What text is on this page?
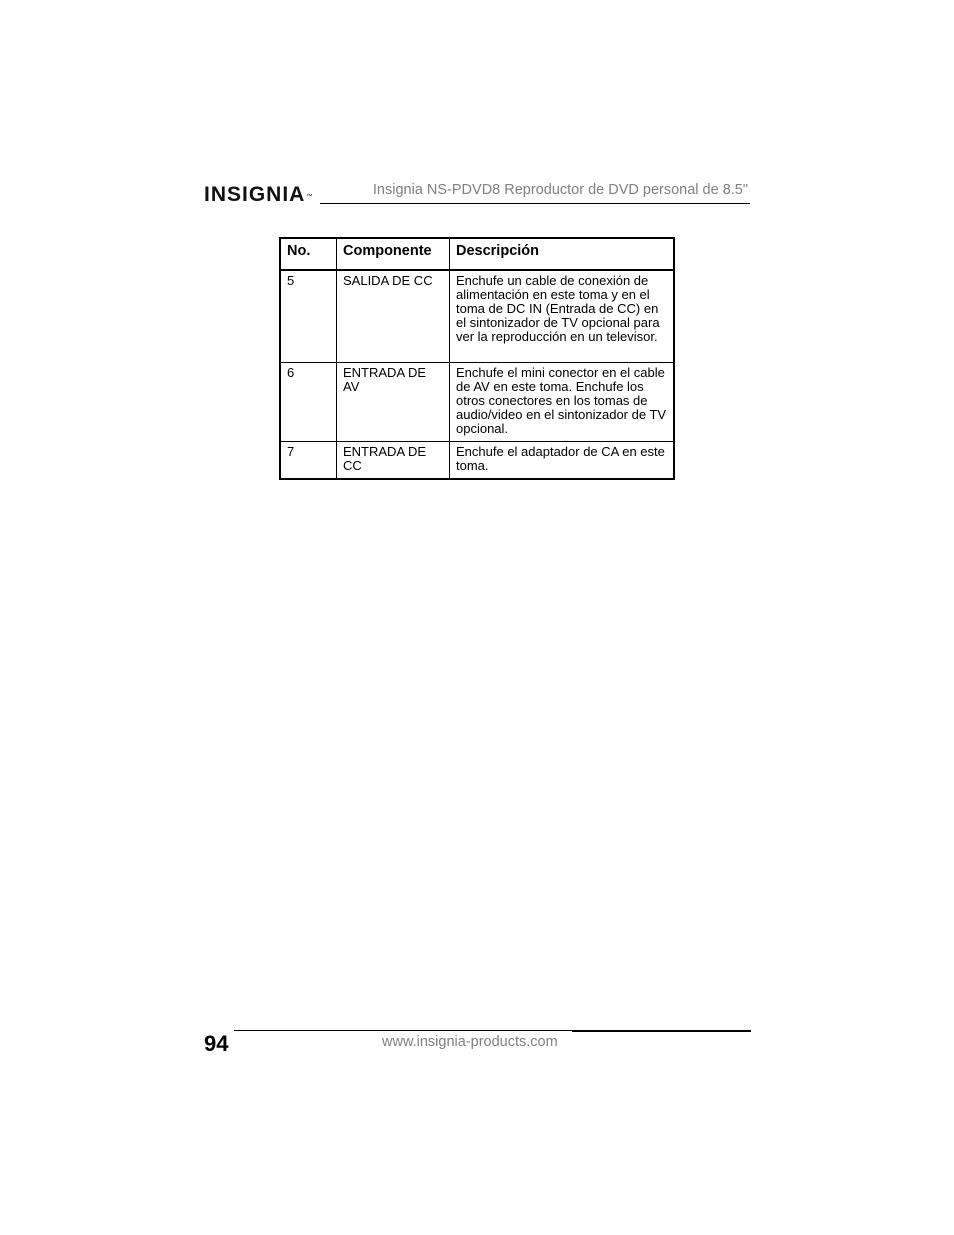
INSIGNIA™	Insignia NS-PDVD8 Reproductor de DVD personal de 8.5"
No.	Componente	Descripción
5	SALIDA DE CC	Enchufe un cable de conexión de alimentación en este toma y en el toma de DC IN (Entrada de CC) en el sintonizador de TV opcional para ver la reproducción en un televisor.
6	ENTRADA DE AV	Enchufe el mini conector en el cable de AV en este toma. Enchufe los otros conectores en los tomas de audio/video en el sintonizador de TV opcional.
7	ENTRADA DE CC	Enchufe el adaptador de CA en este toma.
94	www.insignia-products.com
